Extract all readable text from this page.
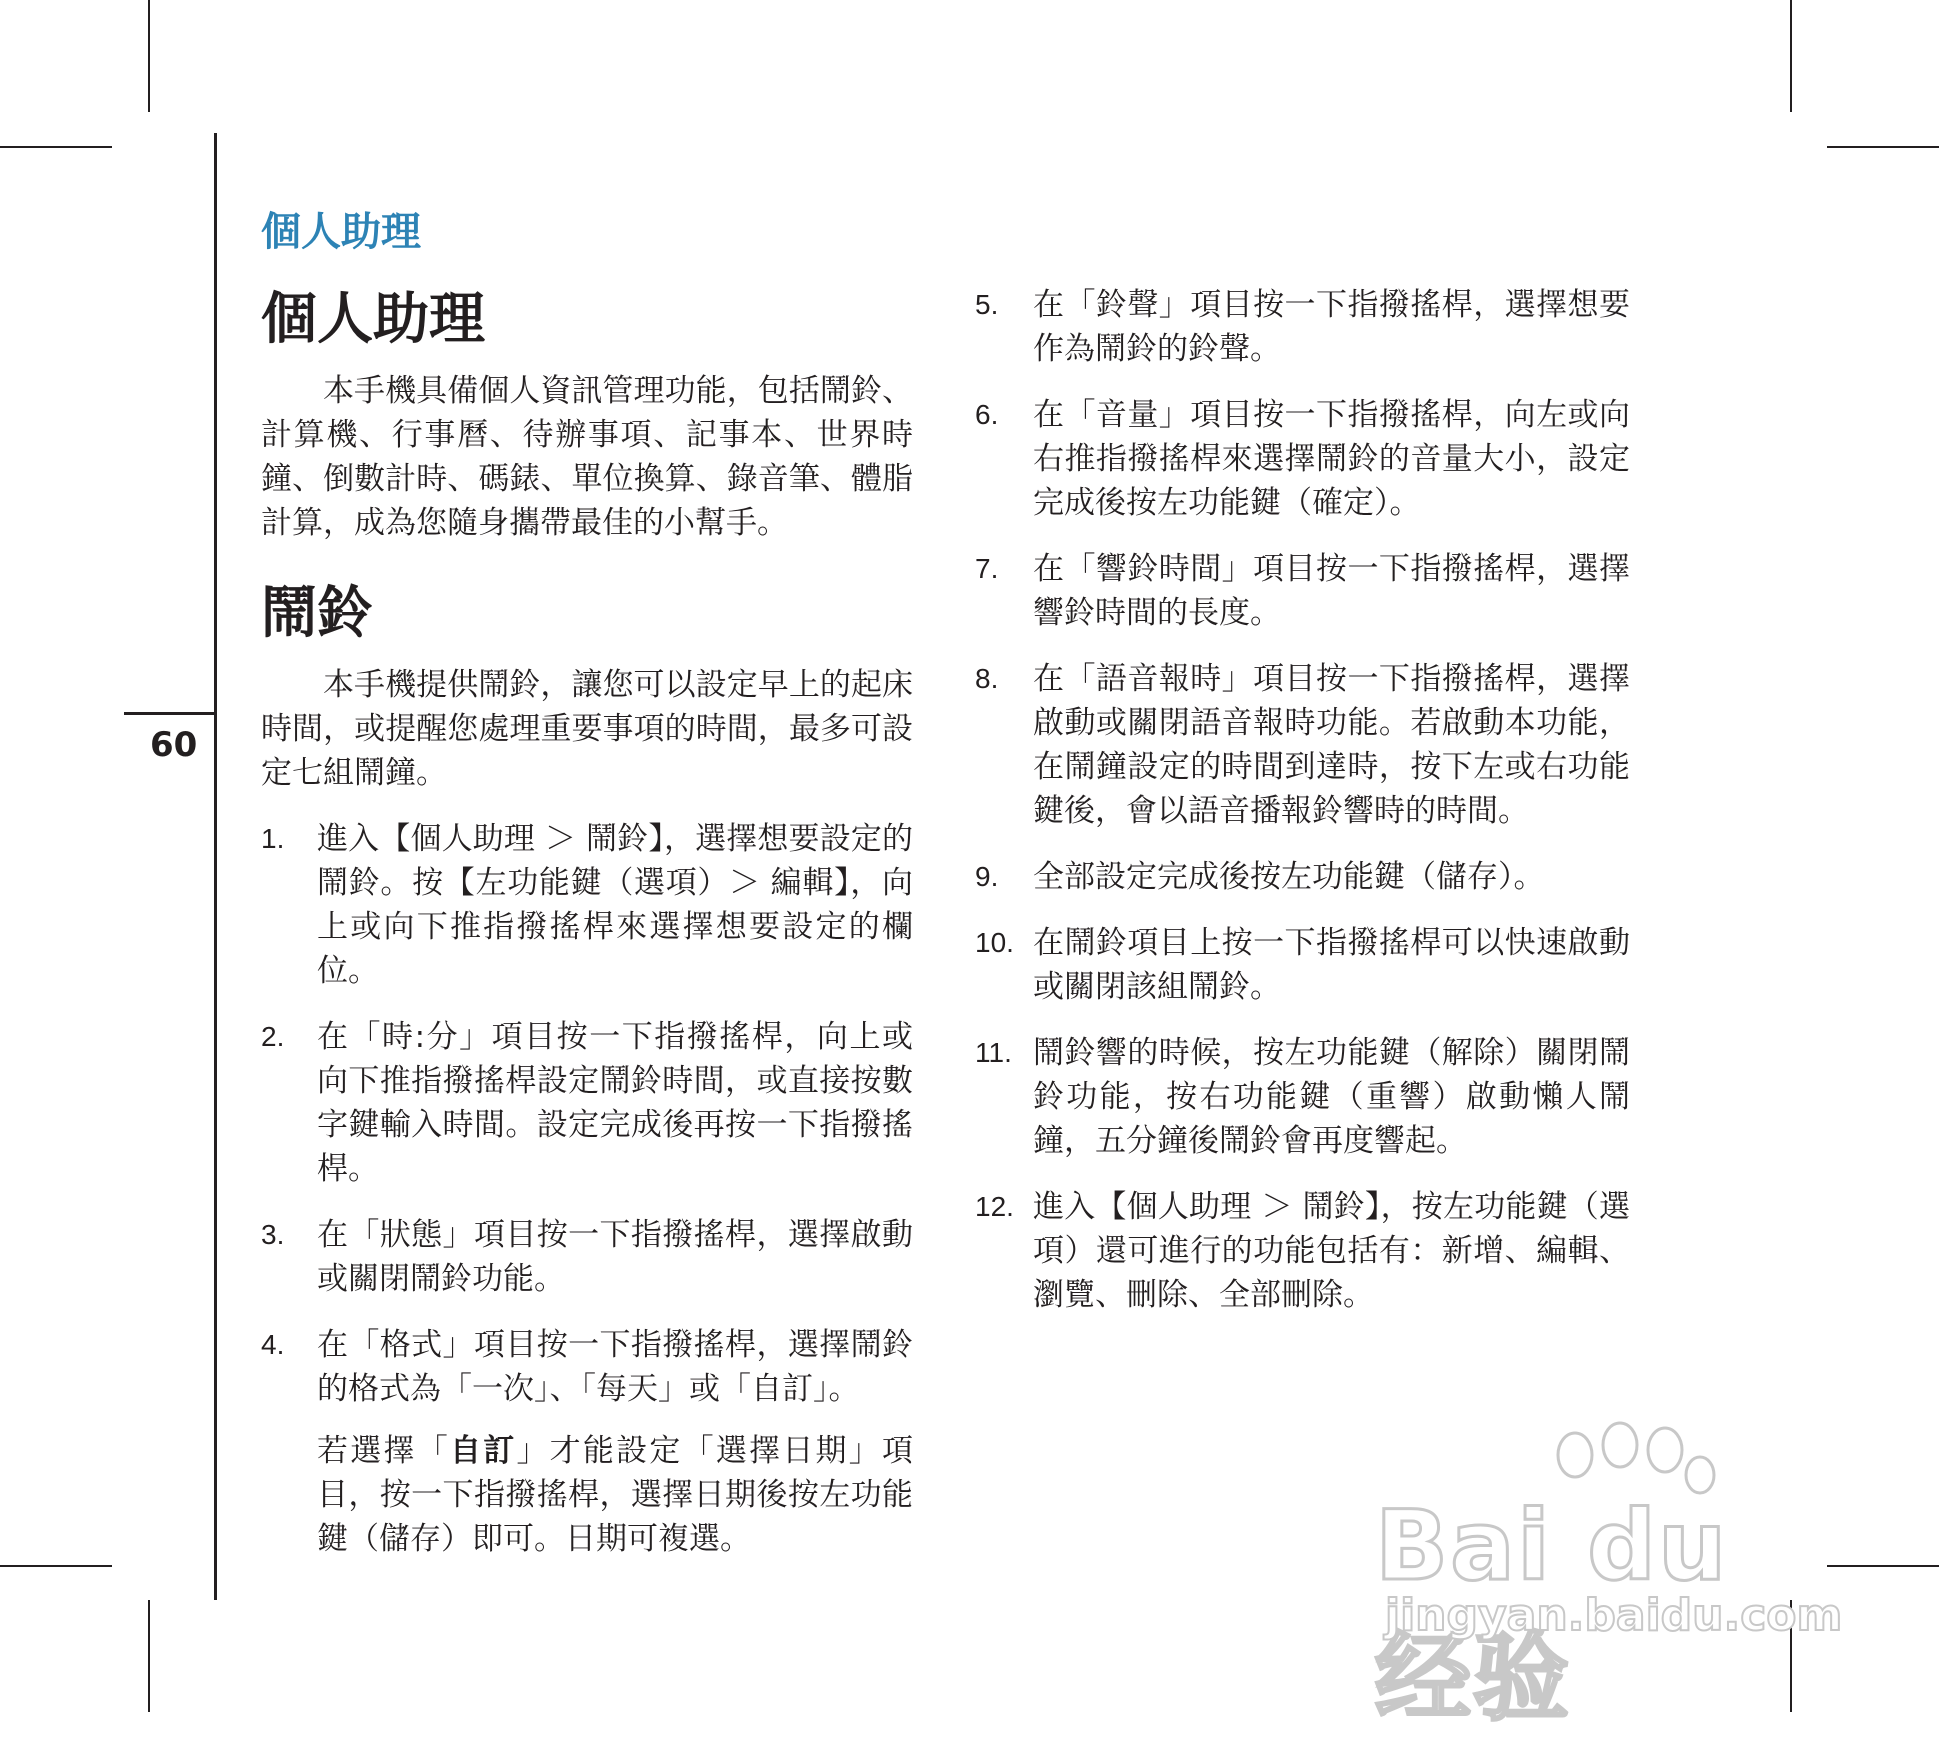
60
個人助理
個人助理

本手機具備個人資訊管理功能，包括鬧鈴、計算機、行事曆、待辦事項、記事本、世界時鐘、倒數計時、碼錶、單位換算、錄音筆、體脂計算，成為您隨身攜帶最佳的小幫手。

鬧鈴

本手機提供鬧鈴，讓您可以設定早上的起床時間，或提醒您處理重要事項的時間，最多可設定七組鬧鐘。

1. 進入【個人助理 ＞ 鬧鈴】，選擇想要設定的鬧鈴。按【左功能鍵（選項）＞ 編輯】，向上或向下推指撥搖桿來選擇想要設定的欄位。
2. 在「時:分」項目按一下指撥搖桿，向上或向下推指撥搖桿設定鬧鈴時間，或直接按數字鍵輸入時間。設定完成後再按一下指撥搖桿。
3. 在「狀態」項目按一下指撥搖桿，選擇啟動或關閉鬧鈴功能。
4. 在「格式」項目按一下指撥搖桿，選擇鬧鈴的格式為「一次」、「每天」或「自訂」。

若選擇「自訂」才能設定「選擇日期」項目，按一下指撥搖桿，選擇日期後按左功能鍵（儲存）即可。日期可複選。

5. 在「鈴聲」項目按一下指撥搖桿，選擇想要作為鬧鈴的鈴聲。
6. 在「音量」項目按一下指撥搖桿，向左或向右推指撥搖桿來選擇鬧鈴的音量大小，設定完成後按左功能鍵（確定）。
7. 在「響鈴時間」項目按一下指撥搖桿，選擇響鈴時間的長度。
8. 在「語音報時」項目按一下指撥搖桿，選擇啟動或關閉語音報時功能。若啟動本功能，在鬧鐘設定的時間到達時，按下左或右功能鍵後，會以語音播報鈴響時的時間。
9. 全部設定完成後按左功能鍵（儲存）。
10. 在鬧鈴項目上按一下指撥搖桿可以快速啟動或關閉該組鬧鈴。
11. 鬧鈴響的時候，按左功能鍵（解除）關閉鬧鈴功能，按右功能鍵（重響）啟動懶人鬧鐘，五分鐘後鬧鈴會再度響起。
12. 進入【個人助理 ＞ 鬧鈴】，按左功能鍵（選項）還可進行的功能包括有：新增、編輯、瀏覽、刪除、全部刪除。
Bai du 经验
jingyan.baidu.com
